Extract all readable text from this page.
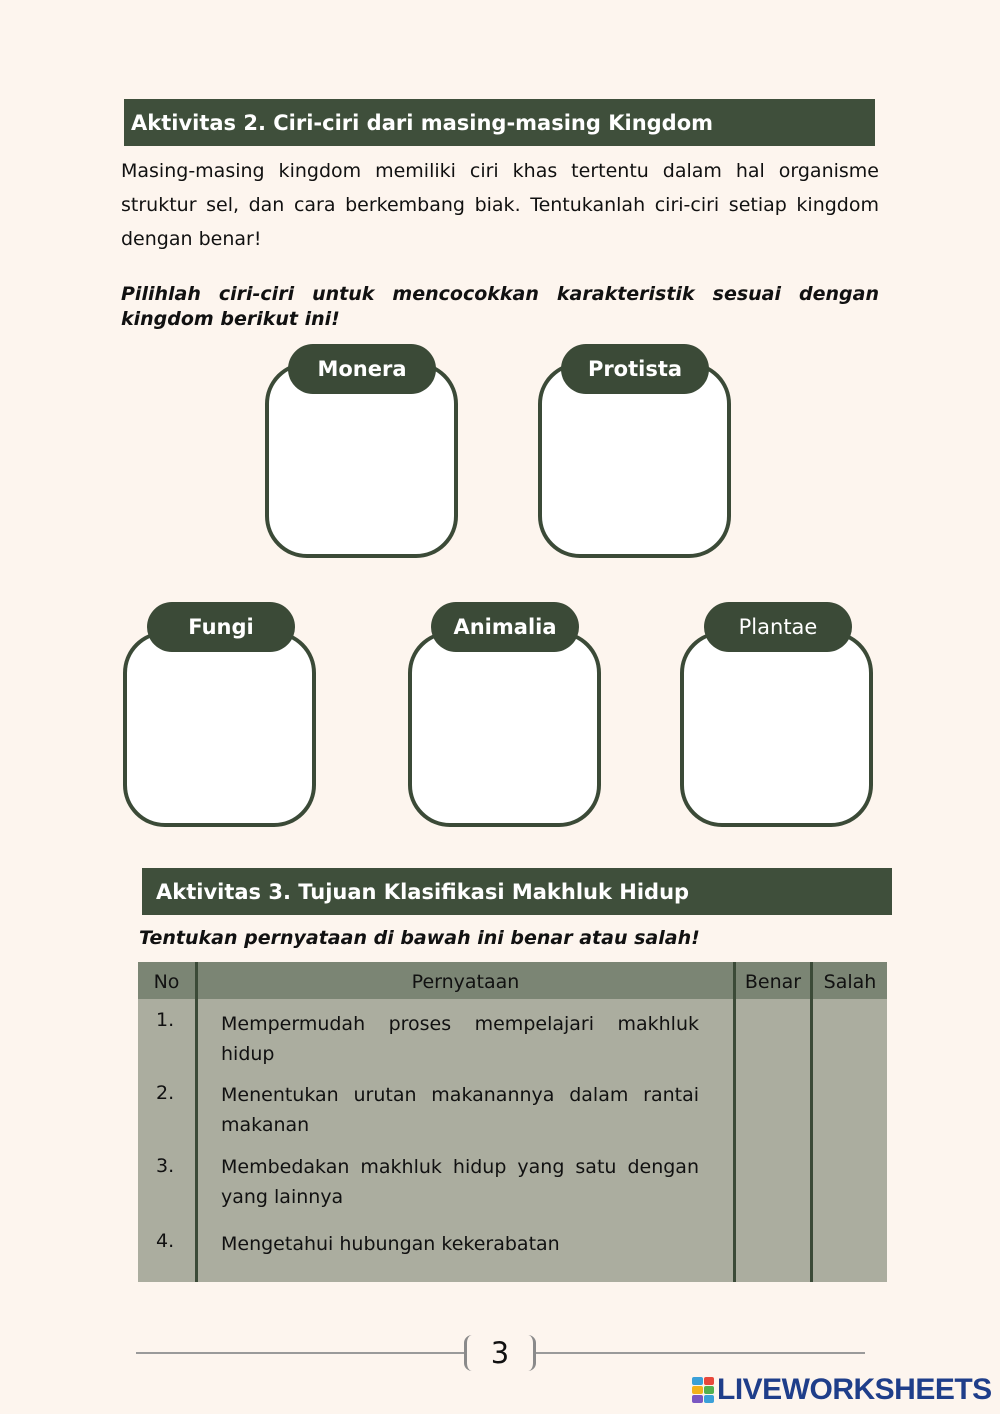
Aktivitas 2. Ciri-ciri dari masing-masing Kingdom

Masing-masing kingdom memiliki ciri khas tertentu dalam hal organisme struktur sel, dan cara berkembang biak. Tentukanlah ciri-ciri setiap kingdom dengan benar!

Pilihlah ciri-ciri untuk mencocokkan karakteristik sesuai dengan kingdom berikut ini!

Monera	Protista
Fungi	Animalia	Plantae
Aktivitas 3. Tujuan Klasifikasi Makhluk Hidup

Tentukan pernyataan di bawah ini benar atau salah!

No	Pernyataan	Benar	Salah
1.	Mempermudah proses mempelajari makhluk hidup
2.	Menentukan urutan makanannya dalam rantai makanan
3.	Membedakan makhluk hidup yang satu dengan yang lainnya
4.	Mengetahui hubungan kekerabatan
3
LIVEWORKSHEETS
